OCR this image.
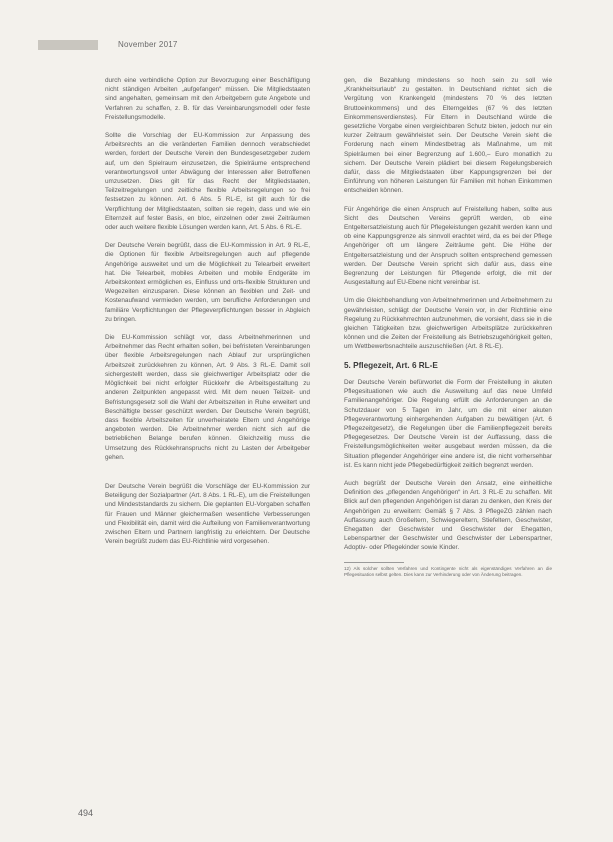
November 2017

durch eine verbindliche Option zur Bevorzugung einer Beschäftigung nicht ständigen Arbeiten „aufgefangen“ müssen. Die Mitgliedstaaten sind angehalten, gemeinsam mit den Arbeitgebern gute Angebote und Verfahren zu schaffen, z. B. für das Vereinbarungsmodell oder feste Freistellungsmodelle.

Sollte die Vorschlag der EU-Kommission zur Anpassung des Arbeitsrechts an die veränderten Familien dennoch verabschiedet werden, fordert der Deutsche Verein den Bundesgesetzgeber zudem auf, um den Spielraum einzusetzen, die Spielräume entsprechend verantwortungsvoll unter Abwägung der Interessen aller Betroffenen umzusetzen. Dies gilt für das Recht der Mitgliedstaaten, Teilzeitregelungen und zeitliche flexible Arbeitsregelungen so frei festsetzen zu können. Art. 6 Abs. 5 RL-E, ist gilt auch für die Verpflichtung der Mitgliedstaaten, sollten sie regeln, dass und wie ein Elternzeit auf fester Basis, en bloc, einzelnen oder zwei Zeiträumen oder auch weitere flexible Lösungen werden kann, Art. 5 Abs. 6 RL-E.

Der Deutsche Verein begrüßt, dass die EU-Kommission in Art. 9 RL-E, die Optionen für flexible Arbeitsregelungen auch auf pflegende Angehörige ausweitet und um die Möglichkeit zu Telearbeit erweitert hat. Die Telearbeit, mobiles Arbeiten und mobile Endgeräte im Arbeitskontext ermöglichen es, Einfluss und orts-flexible Strukturen und Wegezeiten einzusparen. Diese können an flexiblen und Zeit- und Kostenaufwand vermieden werden, um berufliche Anforderungen und familiäre Verpflichtungen der Pflegeverpflichtungen besser in Abgleich zu bringen.

Die EU-Kommission schlägt vor, dass Arbeitnehmerinnen und Arbeitnehmer das Recht erhalten sollen, bei befristeten Vereinbarungen über flexible Arbeitsregelungen nach Ablauf zur ursprünglichen Arbeitszeit zurückkehren zu können, Art. 9 Abs. 3 RL-E. Damit soll sichergestellt werden, dass sie gleichwertiger Arbeitsplatz oder die Möglichkeit bei nicht erfolgter Rückkehr die Arbeitsgestaltung zu anderen Zeitpunkten angepasst wird. Mit dem neuen Teilzeit- und Befristungsgesetz soll die Wahl der Arbeitszeiten in Ruhe erweitert und Beschäftigte besser geschützt werden. Der Deutsche Verein begrüßt, dass flexible Arbeitszeiten für unverheiratete Eltern und Angehörige angeboten werden. Die Arbeitnehmer werden nicht sich auf die betrieblichen Belange berufen können. Gleichzeitig muss die Umsetzung des Rückkehranspruchs nicht zu Lasten der Arbeitgeber gehen.

Der Deutsche Verein begrüßt die Vorschläge der EU-Kommission zur Beteiligung der Sozialpartner (Art. 8 Abs. 1 RL-E), um die Freistellungen und Mindeststandards zu sichern. Die geplanten EU-Vorgaben schaffen für Frauen und Männer gleichermaßen wesentliche Verbesserungen und Flexibilität ein, damit wird die Aufteilung von Familienverantwortung zwischen Eltern und Partnern langfristig zu erleichtern. Der Deutsche Verein begrüßt zudem das EU-Richtlinie wird vorgesehen.

gen, die Bezahlung mindestens so hoch sein zu soll wie „Krankheitsurlaub“ zu gestalten. In Deutschland richtet sich die Vergütung von Krankengeld (mindestens 70 % des letzten Bruttoeinkommens) und des Elterngeldes (67 % des letzten Einkommensverdienstes). Für Eltern in Deutschland würde die gesetzliche Vorgabe einen vergleichbaren Schutz bieten, jedoch nur ein kurzer Zeitraum gewährleistet sein. Der Deutsche Verein sieht die Forderung nach einem Mindestbetrag als Maßnahme, um mit Spielräumen bei einer Begrenzung auf 1.600,– Euro monatlich zu sichern. Der Deutsche Verein plädiert bei diesem Regelungsbereich dafür, dass die Mitgliedstaaten über Kappungsgrenzen bei der Einführung von höheren Leistungen für Familien mit hohen Einkommen entscheiden können.

Für Angehörige die einen Anspruch auf Freistellung haben, sollte aus Sicht des Deutschen Vereins geprüft werden, ob eine Entgeltersatzleistung auch für Pflegeleistungen gezahlt werden kann und ob eine Kappungsgrenze als sinnvoll erachtet wird, da es bei der Pflege Angehöriger oft um längere Zeiträume geht. Die Höhe der Entgeltersatzleistung und der Anspruch sollten entsprechend gemessen werden. Der Deutsche Verein spricht sich dafür aus, dass eine Begrenzung der Leistungen für Pflegende erfolgt, die mit der Ausgestaltung auf EU-Ebene nicht vereinbar ist.

Um die Gleichbehandlung von Arbeitnehmerinnen und Arbeitnehmern zu gewährleisten, schlägt der Deutsche Verein vor, in der Richtlinie eine Regelung zu Rückkehrrechten aufzunehmen, die vorsieht, dass sie in die gleichen Tätigkeiten bzw. gleichwertigen Arbeitsplätze zurückkehren können und die Zeiten der Freistellung als Betriebszugehörigkeit gelten, um Wettbewerbsnachteile auszuschließen (Art. 8 RL-E).

5. Pflegezeit, Art. 6 RL-E

Der Deutsche Verein befürwortet die Form der Freistellung in akuten Pflegesituationen wie auch die Ausweitung auf das neue Umfeld Familienangehöriger. Die Regelung erfüllt die Anforderungen an die Schutzdauer von 5 Tagen im Jahr, um die mit einer akuten Pflegeverantwortung einhergehenden Aufgaben zu bewältigen (Art. 6 Pflegezeitgesetz), die Regelungen über die Familienpflegezeit bereits Pflegegesetzes. Der Deutsche Verein ist der Auffassung, dass die Freistellungsmöglichkeiten weiter ausgebaut werden müssen, da die Situation pflegender Angehöriger eine andere ist, die nicht vorhersehbar ist. Es kann nicht jede Pflegebedürftigkeit zeitlich begrenzt werden.

Auch begrüßt der Deutsche Verein den Ansatz, eine einheitliche Definition des „pflegenden Angehörigen“ in Art. 3 RL-E zu schaffen. Mit Blick auf den pflegenden Angehörigen ist daran zu denken, den Kreis der Angehörigen zu erweitern: Gemäß § 7 Abs. 3 PflegeZG zählen nach Auffassung auch Großeltern, Schwiegereltern, Stiefeltern, Geschwister, Ehegatten der Geschwister und Geschwister der Ehegatten, Lebenspartner der Geschwister und Geschwister der Lebenspartner, Adoptiv- oder Pflegekinder sowie Kinder.

12) Als solcher sollten Verfahren und Kontingente nicht als eigenständiges Verfahren an die Pflegesituation selbst gelten. Dies kann zur Verhinderung oder von Änderung beitragen.
494
